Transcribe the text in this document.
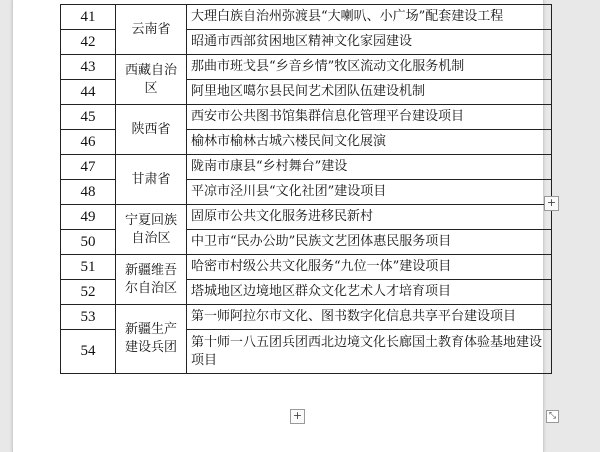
41	云南省	大理白族自治州弥渡县“大喇叭、小广场”配套建设工程
42		昭通市西部贫困地区精神文化家园建设
43	西藏自治区	那曲市班戈县“乡音乡情”牧区流动文化服务机制
44		阿里地区噶尔县民间艺术团队伍建设机制
45	陕西省	西安市公共图书馆集群信息化管理平台建设项目
46		榆林市榆林古城六楼民间文化展演
47	甘肃省	陇南市康县“乡村舞台”建设
48		平凉市泾川县“文化社团”建设项目
49	宁夏回族自治区	固原市公共文化服务进移民新村
50		中卫市“民办公助”民族文艺团体惠民服务项目
51	新疆维吾尔自治区	哈密市村级公共文化服务“九位一体”建设项目
52		塔城地区边境地区群众文化艺术人才培育项目
53	新疆生产建设兵团	第一师阿拉尔市文化、图书数字化信息共享平台建设项目
54		第十师一八五团兵团西北边境文化长廊国土教育体验基地建设项目
+
+	⤡
